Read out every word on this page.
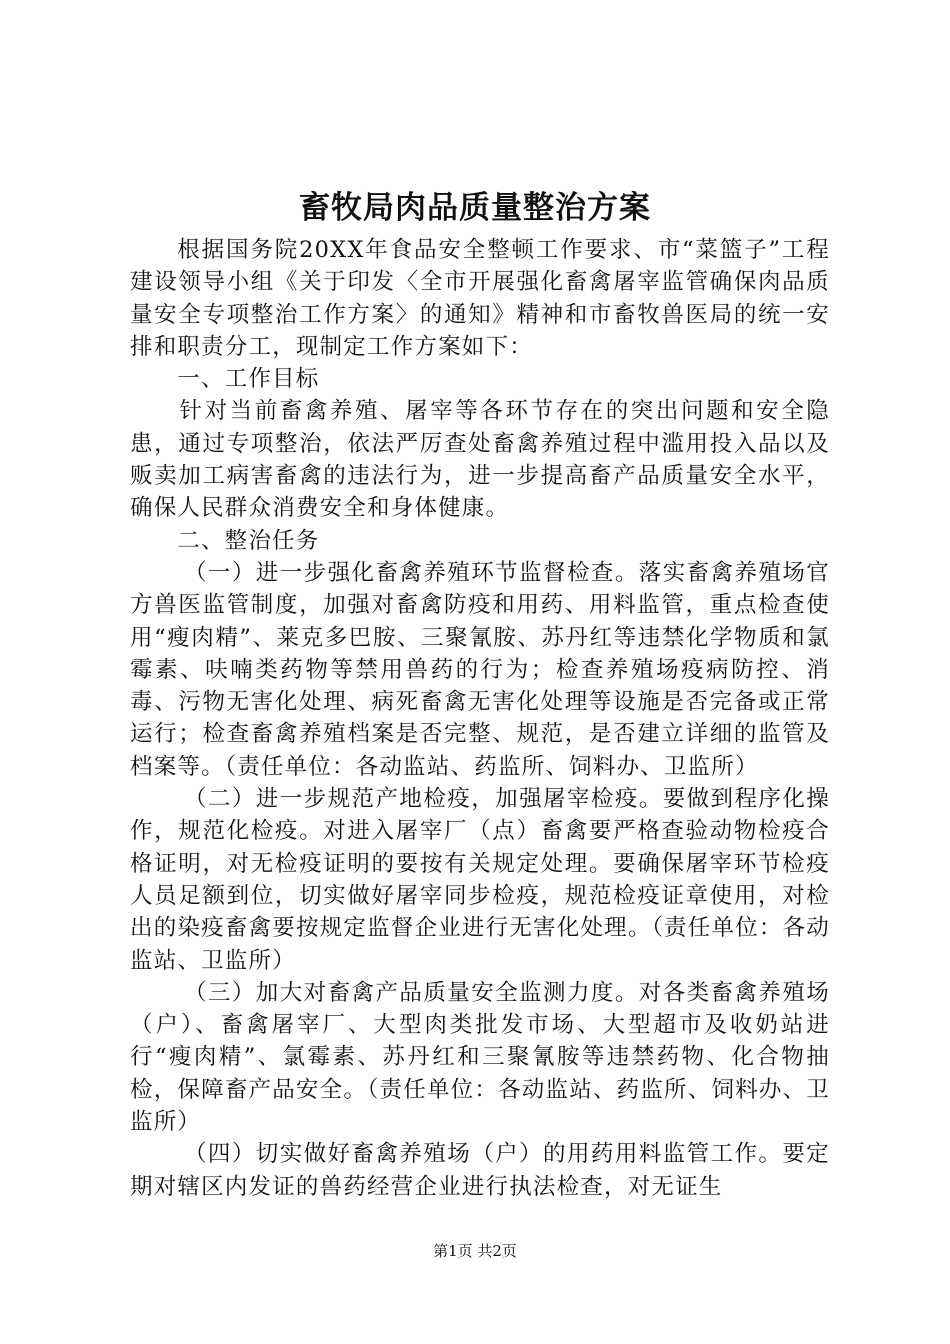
畜牧局肉品质量整治方案

根据国务院20XX年食品安全整顿工作要求、市“菜篮子”工程建设领导小组《关于印发〈全市开展强化畜禽屠宰监管确保肉品质量安全专项整治工作方案〉的通知》精神和市畜牧兽医局的统一安排和职责分工，现制定工作方案如下：

一、工作目标

针对当前畜禽养殖、屠宰等各环节存在的突出问题和安全隐患，通过专项整治，依法严厉查处畜禽养殖过程中滥用投入品以及贩卖加工病害畜禽的违法行为，进一步提高畜产品质量安全水平，确保人民群众消费安全和身体健康。

二、整治任务

（一）进一步强化畜禽养殖环节监督检查。落实畜禽养殖场官方兽医监管制度，加强对畜禽防疫和用药、用料监管，重点检查使用“瘦肉精”、莱克多巴胺、三聚氰胺、苏丹红等违禁化学物质和氯霉素、呋喃类药物等禁用兽药的行为；检查养殖场疫病防控、消毒、污物无害化处理、病死畜禽无害化处理等设施是否完备或正常运行；检查畜禽养殖档案是否完整、规范，是否建立详细的监管及档案等。（责任单位：各动监站、药监所、饲料办、卫监所）

（二）进一步规范产地检疫，加强屠宰检疫。要做到程序化操作，规范化检疫。对进入屠宰厂（点）畜禽要严格查验动物检疫合格证明，对无检疫证明的要按有关规定处理。要确保屠宰环节检疫人员足额到位，切实做好屠宰同步检疫，规范检疫证章使用，对检出的染疫畜禽要按规定监督企业进行无害化处理。（责任单位：各动监站、卫监所）

（三）加大对畜禽产品质量安全监测力度。对各类畜禽养殖场（户）、畜禽屠宰厂、大型肉类批发市场、大型超市及收奶站进行“瘦肉精”、氯霉素、苏丹红和三聚氰胺等违禁药物、化合物抽检，保障畜产品安全。（责任单位：各动监站、药监所、饲料办、卫监所）

（四）切实做好畜禽养殖场（户）的用药用料监管工作。要定期对辖区内发证的兽药经营企业进行执法检查，对无证生

第1页 共2页
